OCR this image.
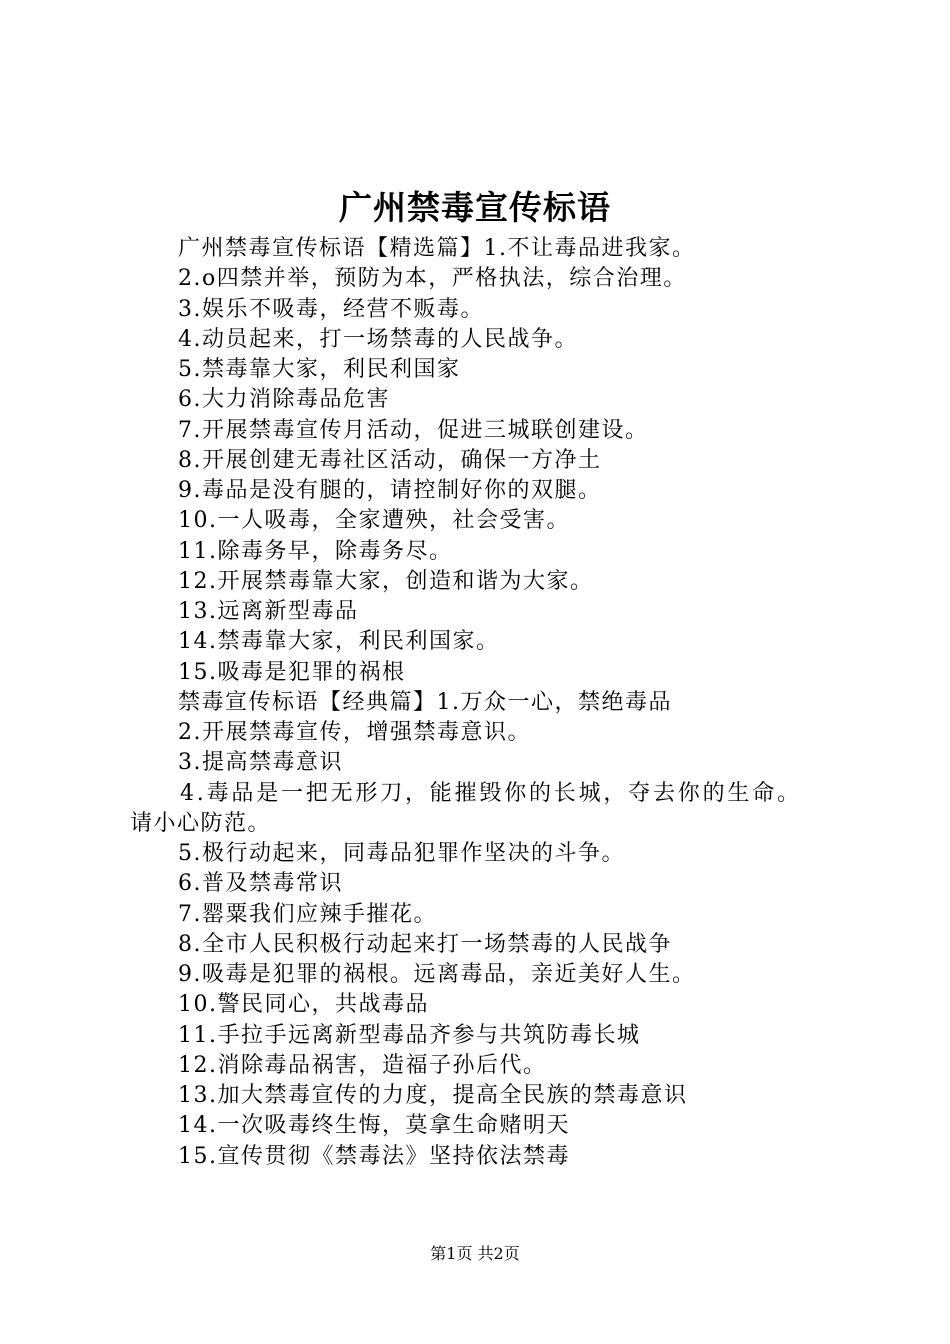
广州禁毒宣传标语
广州禁毒宣传标语【精选篇】1.不让毒品进我家。
2.o四禁并举，预防为本，严格执法，综合治理。
3.娱乐不吸毒，经营不贩毒。
4.动员起来，打一场禁毒的人民战争。
5.禁毒靠大家，利民利国家
6.大力消除毒品危害
7.开展禁毒宣传月活动，促进三城联创建设。
8.开展创建无毒社区活动，确保一方净土
9.毒品是没有腿的，请控制好你的双腿。
10.一人吸毒，全家遭殃，社会受害。
11.除毒务早，除毒务尽。
12.开展禁毒靠大家，创造和谐为大家。
13.远离新型毒品
14.禁毒靠大家，利民利国家。
15.吸毒是犯罪的祸根
禁毒宣传标语【经典篇】1.万众一心，禁绝毒品
2.开展禁毒宣传，增强禁毒意识。
3.提高禁毒意识
4.毒品是一把无形刀，能摧毁你的长城，夺去你的生命。
请小心防范。
5.极行动起来，同毒品犯罪作坚决的斗争。
6.普及禁毒常识
7.罂粟我们应辣手摧花。
8.全市人民积极行动起来打一场禁毒的人民战争
9.吸毒是犯罪的祸根。远离毒品，亲近美好人生。
10.警民同心，共战毒品
11.手拉手远离新型毒品齐参与共筑防毒长城
12.消除毒品祸害，造福子孙后代。
13.加大禁毒宣传的力度，提高全民族的禁毒意识
14.一次吸毒终生悔，莫拿生命赌明天
15.宣传贯彻《禁毒法》坚持依法禁毒
第1页 共2页
